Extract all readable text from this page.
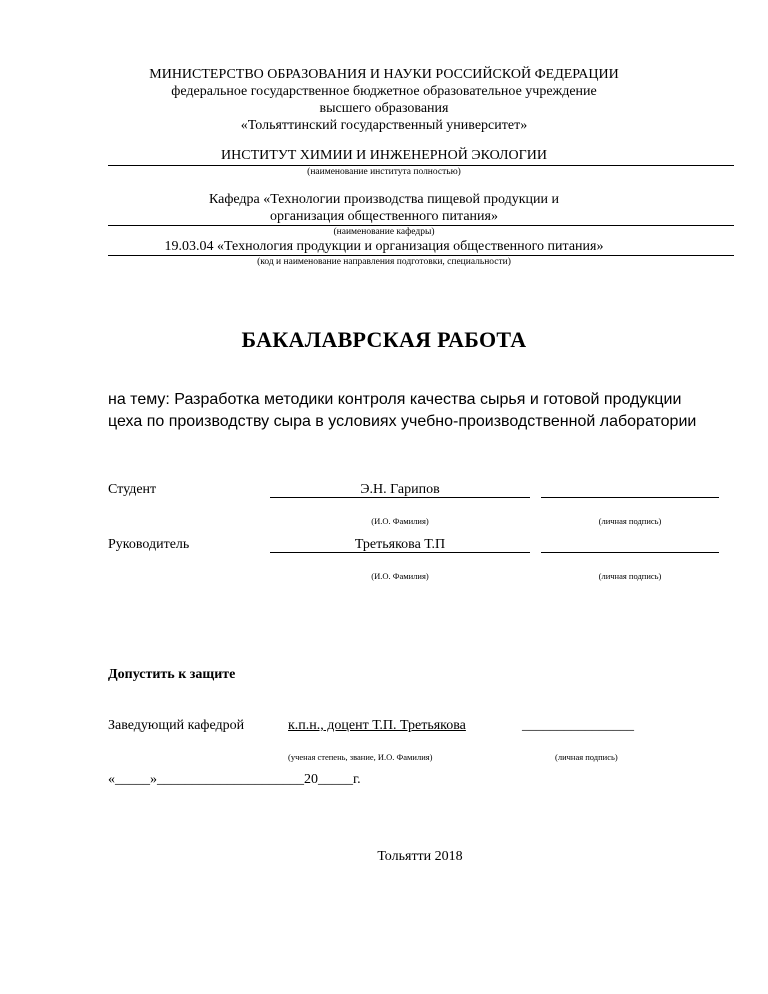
МИНИСТЕРСТВО ОБРАЗОВАНИЯ И НАУКИ РОССИЙСКОЙ ФЕДЕРАЦИИ
федеральное государственное бюджетное образовательное учреждение
высшего образования
«Тольяттинский государственный университет»
ИНСТИТУТ ХИМИИ И ИНЖЕНЕРНОЙ ЭКОЛОГИИ
(наименование института полностью)
Кафедра «Технологии производства пищевой продукции и
организация общественного питания»
(наименование кафедры)
19.03.04 «Технология продукции и организация общественного питания»
(код и наименование направления подготовки, специальности)
БАКАЛАВРСКАЯ РАБОТА
на тему: Разработка методики контроля качества сырья и готовой продукции
цеха по производству сыра в условиях учебно-производственной лаборатории
Студент	Э.Н. Гарипов
(И.О. Фамилия)	(личная подпись)
Руководитель	Третьякова Т.П
(И.О. Фамилия)	(личная подпись)
Допустить к защите
Заведующий кафедрой	к.п.н., доцент Т.П. Третьякова	________________
(ученая степень, звание, И.О. Фамилия)	(личная подпись)
«_____»_____________________20_____г.
Тольятти 2018
